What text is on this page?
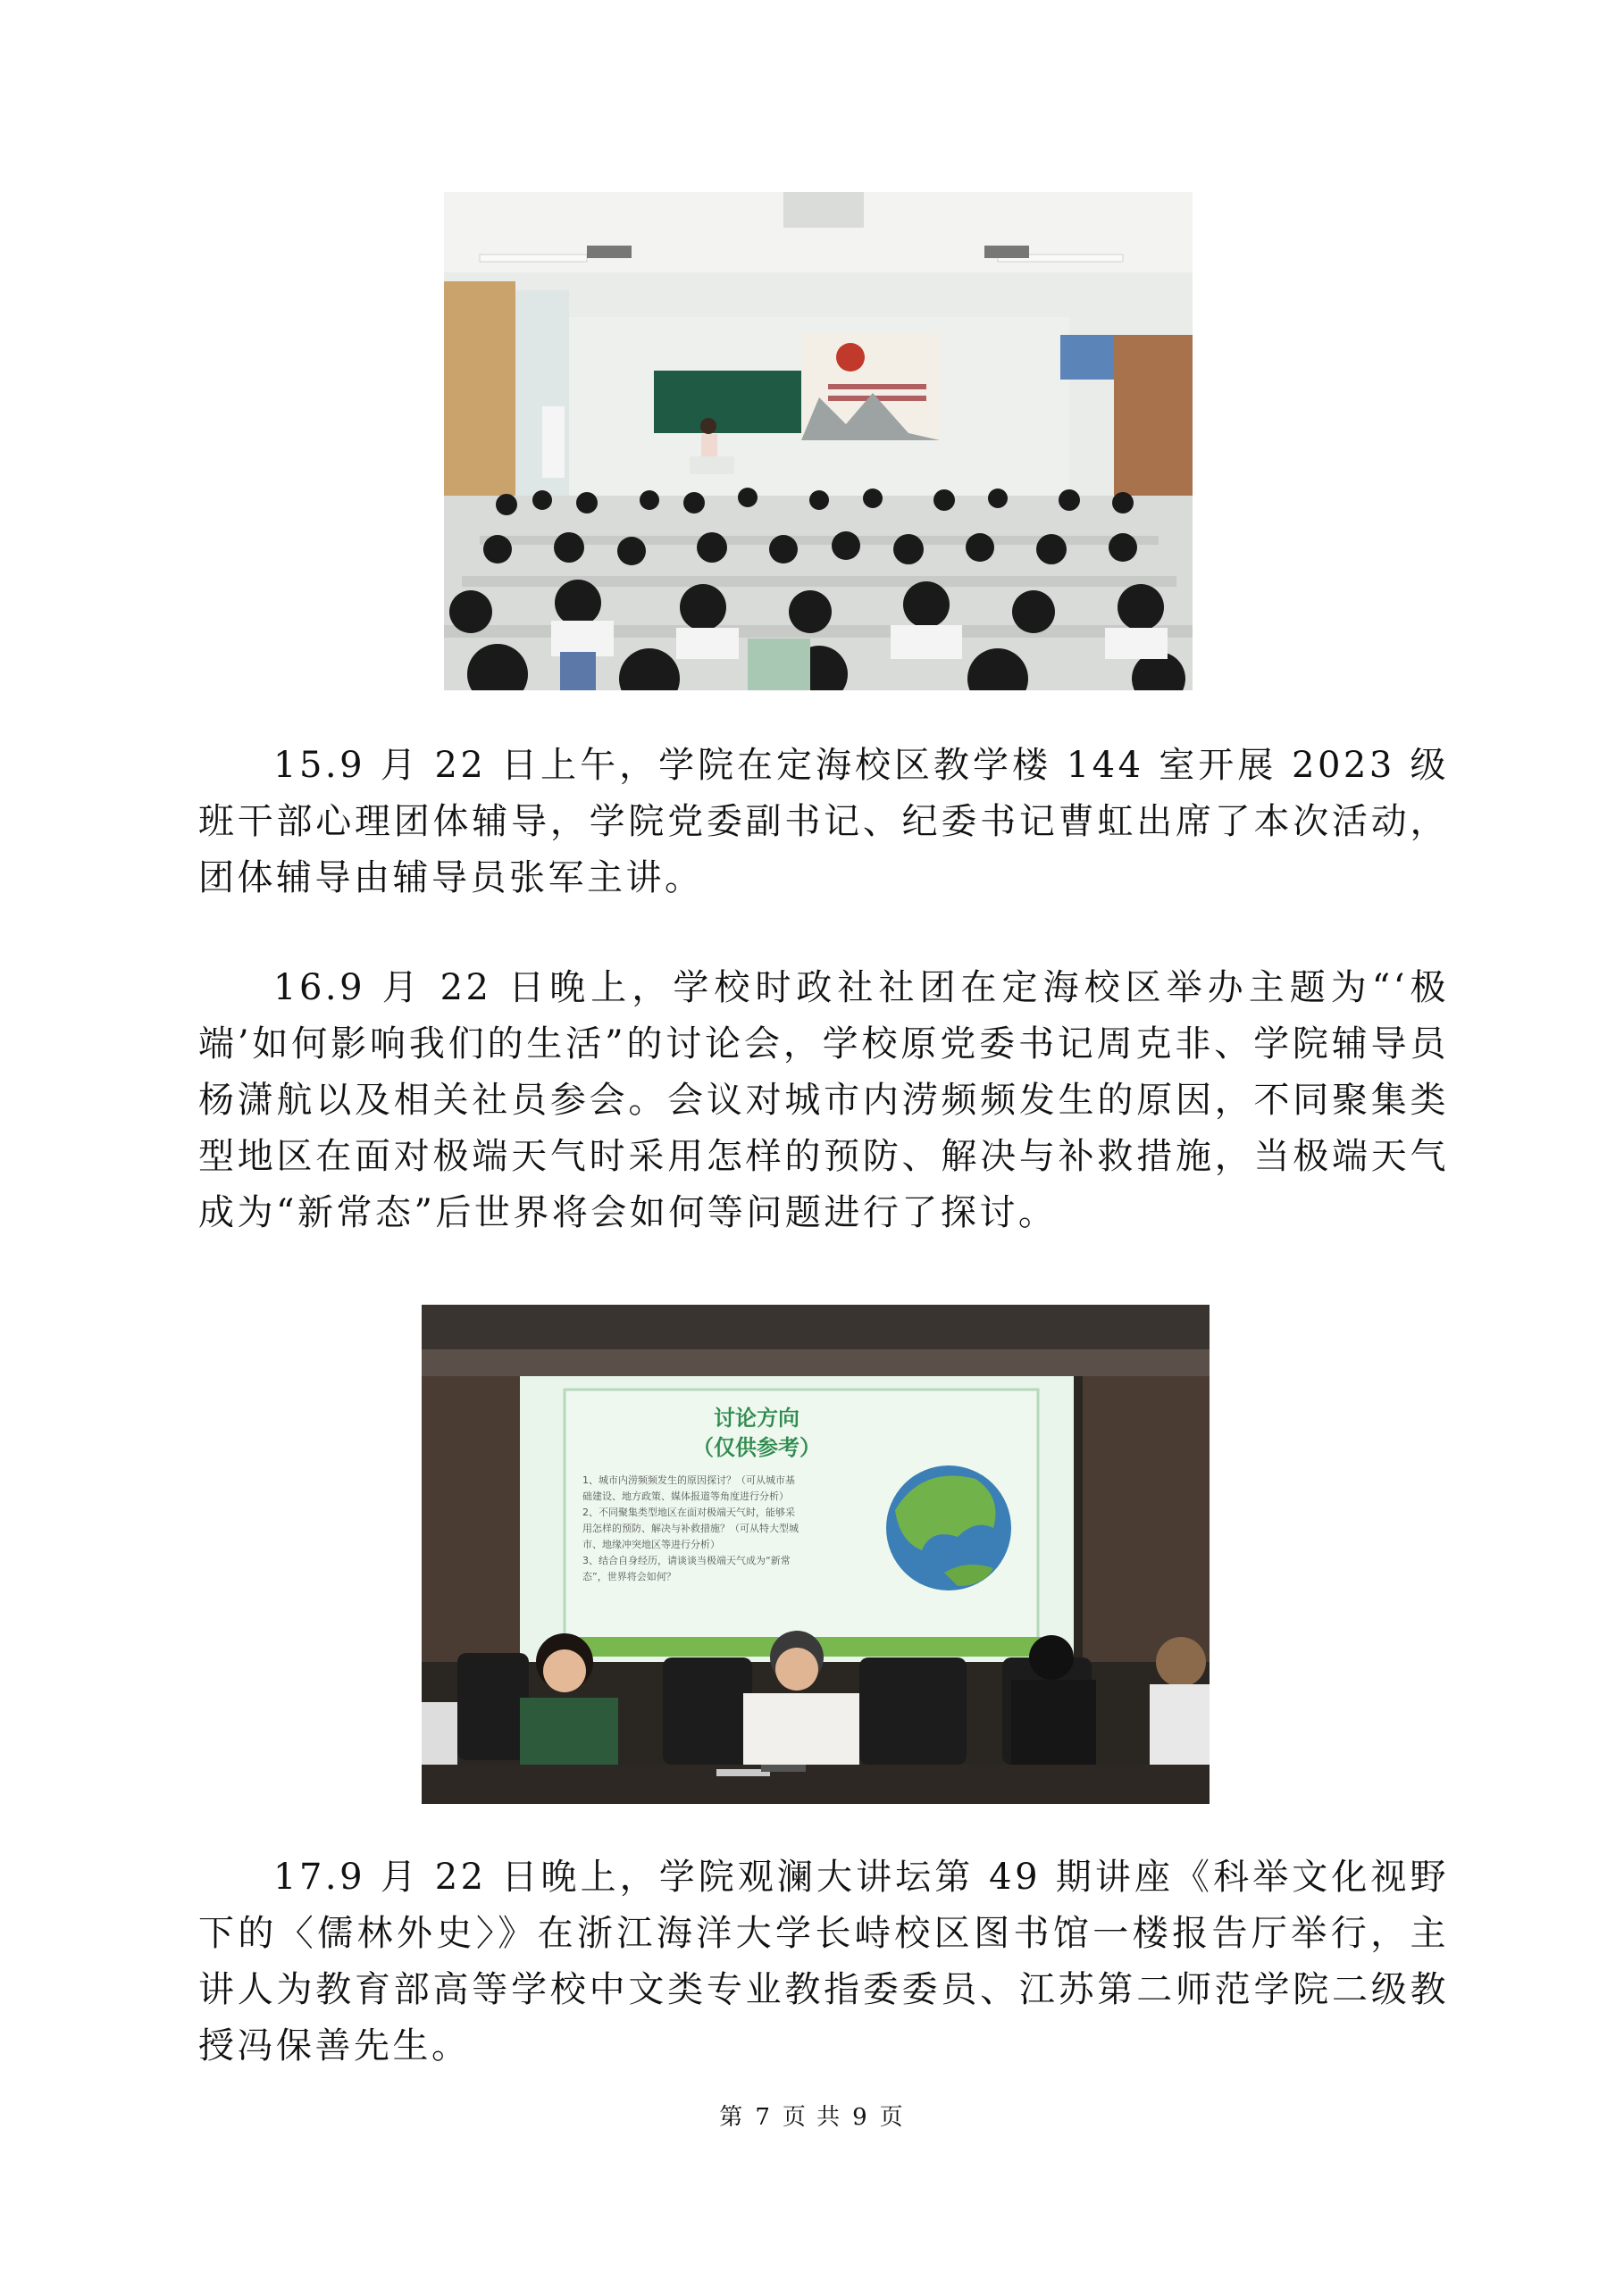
15.9 月 22 日上午，学院在定海校区教学楼 144 室开展 2023 级班干部心理团体辅导，学院党委副书记、纪委书记曹虹出席了本次活动，团体辅导由辅导员张军主讲。

16.9 月 22 日晚上，学校时政社社团在定海校区举办主题为“‘极端’如何影响我们的生活”的讨论会，学校原党委书记周克非、学院辅导员杨潇航以及相关社员参会。会议对城市内涝频频发生的原因，不同聚集类型地区在面对极端天气时采用怎样的预防、解决与补救措施，当极端天气成为“新常态”后世界将会如何等问题进行了探讨。

讨论方向
（仅供参考）
1、城市内涝频频发生的原因探讨？（可从城市基
础建设、地方政策、媒体报道等角度进行分析）
2、不同聚集类型地区在面对极端天气时，能够采
用怎样的预防、解决与补救措施？（可从特大型城
市、地缘冲突地区等进行分析）
3、结合自身经历，请谈谈当极端天气成为“新常
态”，世界将会如何？

17.9 月 22 日晚上，学院观澜大讲坛第 49 期讲座《科举文化视野下的〈儒林外史〉》在浙江海洋大学长峙校区图书馆一楼报告厅举行，主讲人为教育部高等学校中文类专业教指委委员、江苏第二师范学院二级教授冯保善先生。

第 7 页 共 9 页
